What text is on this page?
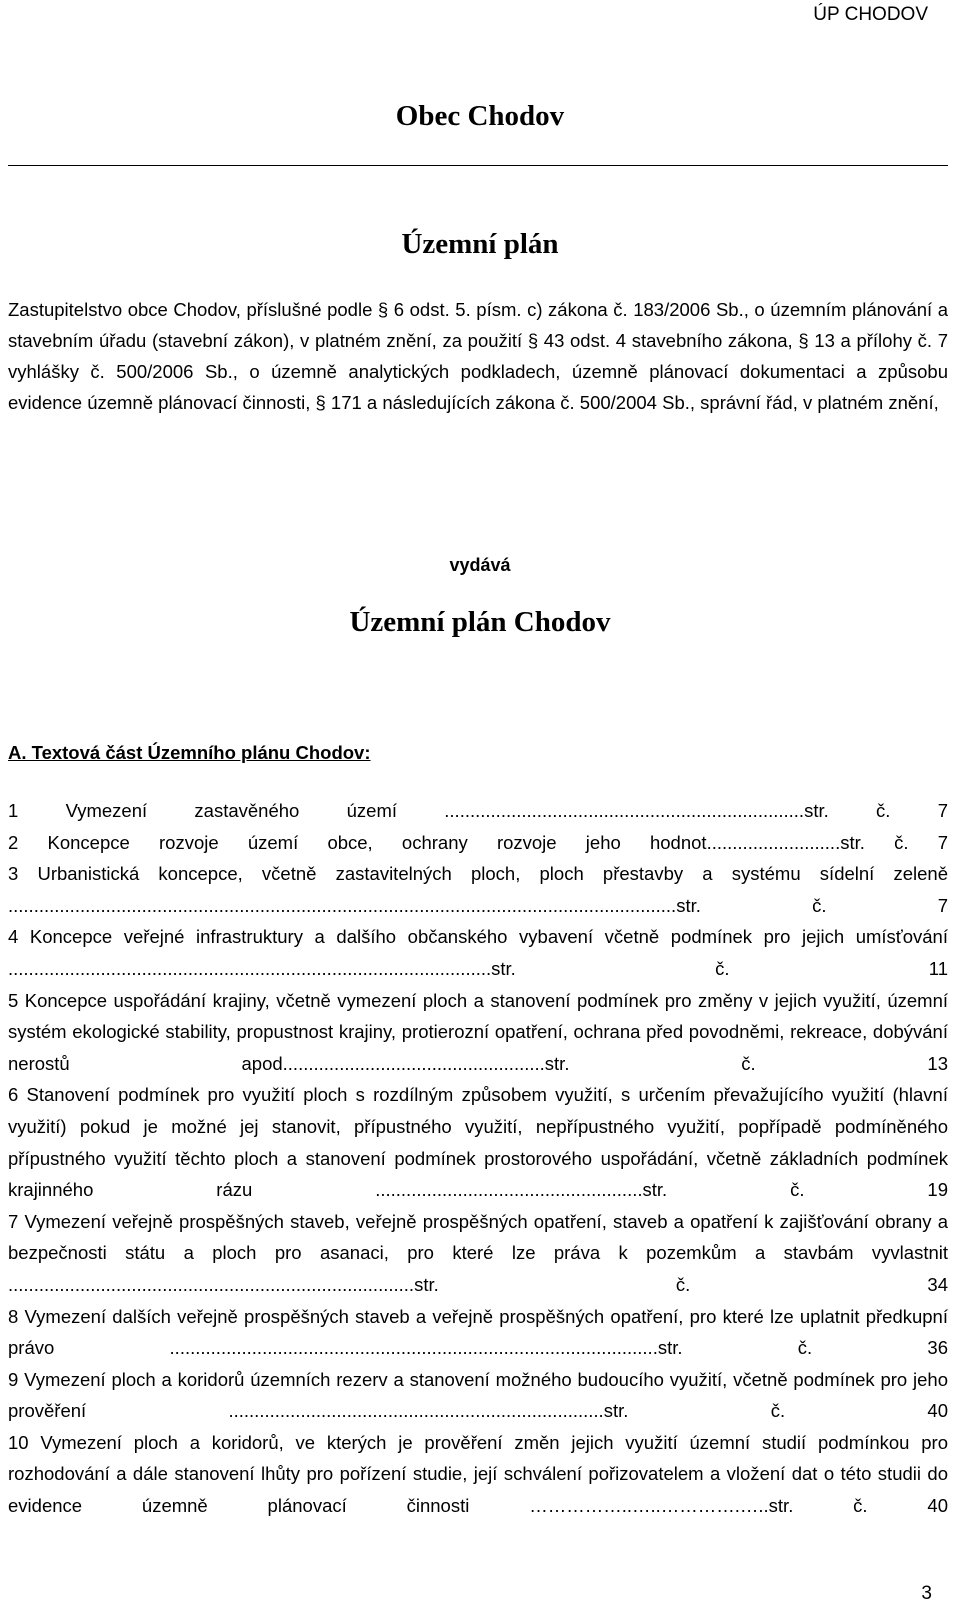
ÚP CHODOV
Obec Chodov
Územní plán
Zastupitelstvo obce Chodov, příslušné podle § 6 odst. 5. písm. c) zákona č. 183/2006 Sb., o územním plánování a stavebním úřadu (stavební zákon), v platném znění, za použití § 43 odst. 4 stavebního zákona, § 13 a přílohy č. 7 vyhlášky č. 500/2006 Sb., o územně analytických podkladech, územně plánovací dokumentaci a způsobu evidence územně plánovací činnosti, § 171 a následujících zákona č. 500/2004 Sb., správní řád, v platném znění,
vydává
Územní plán Chodov
A. Textová část Územního plánu Chodov:
1 Vymezení zastavěného území	......................................................................str. č. 7
2 Koncepce rozvoje území obce, ochrany rozvoje jeho hodnot..........................str. č. 7
3 Urbanistická koncepce, včetně zastavitelných ploch, ploch přestavby a systému sídelní zeleně ..................................................................................................................................str. č. 7
4 Koncepce veřejné infrastruktury a dalšího občanského vybavení včetně podmínek pro jejich umísťování ..............................................................................................str. č. 11
5 Koncepce uspořádání krajiny, včetně vymezení ploch a stanovení podmínek pro změny v jejich využití, územní systém ekologické stability, propustnost krajiny, protierozní opatření, ochrana před povodněmi, rekreace, dobývání nerostů apod...................................................str. č. 13
6 Stanovení podmínek pro využití ploch s rozdílným způsobem využití, s určením převažujícího využití (hlavní využití) pokud je možné jej stanovit, přípustného využití, nepřípustného využití, popřípadě podmíněného přípustného využití těchto ploch a stanovení podmínek prostorového uspořádání, včetně základních podmínek krajinného rázu	....................................................str. č. 19
7 Vymezení veřejně prospěšných staveb, veřejně prospěšných opatření, staveb a opatření k zajišťování obrany a bezpečnosti státu a ploch pro asanaci, pro které lze práva k pozemkům a stavbám vyvlastnit ...............................................................................str. č. 34
8 Vymezení dalších veřejně prospěšných staveb a veřejně prospěšných opatření, pro které lze uplatnit předkupní právo	...............................................................................................str. č. 36
9 Vymezení ploch a koridorů územních rezerv a stanovení možného budoucího využití, včetně podmínek pro jeho prověření	.........................................................................str. č. 40
10 Vymezení ploch a koridorů, ve kterých je prověření změn jejich využití územní studií podmínkou pro rozhodování a dále stanovení lhůty pro pořízení studie, její schválení pořizovatelem a vložení dat o této studii do evidence územně plánovací činnosti	……………..…..………….…..str. č. 40
3
